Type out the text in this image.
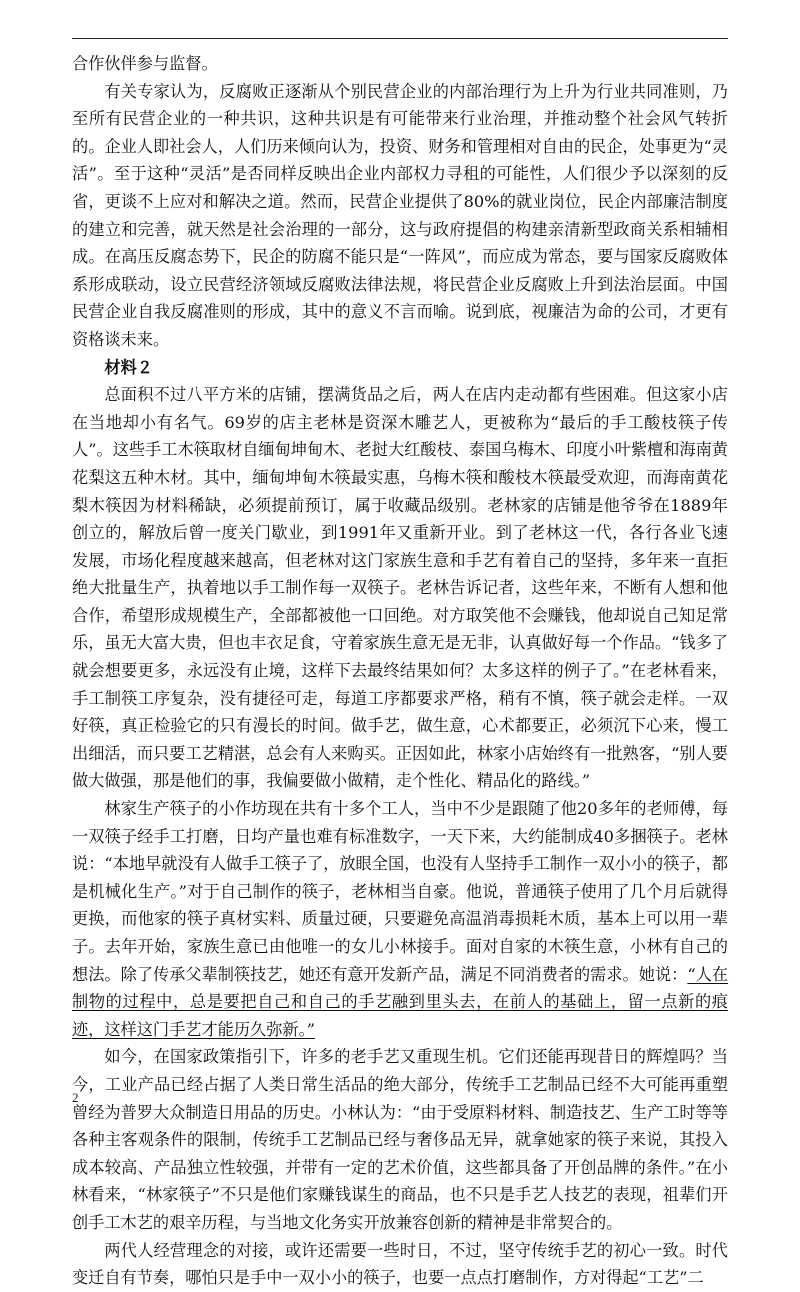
合作伙伴参与监督。

有关专家认为，反腐败正逐渐从个别民营企业的内部治理行为上升为行业共同准则，乃至所有民营企业的一种共识，这种共识是有可能带来行业治理，并推动整个社会风气转折的。企业人即社会人，人们历来倾向认为，投资、财务和管理相对自由的民企，处事更为“灵活”。至于这种“灵活”是否同样反映出企业内部权力寻租的可能性，人们很少予以深刻的反省，更谈不上应对和解决之道。然而，民营企业提供了80%的就业岗位，民企内部廉洁制度的建立和完善，就天然是社会治理的一部分，这与政府提倡的构建亲清新型政商关系相辅相成。在高压反腐态势下，民企的防腐不能只是“一阵风”，而应成为常态，要与国家反腐败体系形成联动，设立民营经济领域反腐败法律法规，将民营企业反腐败上升到法治层面。中国民营企业自我反腐准则的形成，其中的意义不言而喻。说到底，视廉洁为命的公司，才更有资格谈未来。

材料２

总面积不过八平方米的店铺，摆满货品之后，两人在店内走动都有些困难。但这家小店在当地却小有名气。69岁的店主老林是资深木雕艺人，更被称为“最后的手工酸枝筷子传人”。这些手工木筷取材自缅甸坤甸木、老挝大红酸枝、泰国乌梅木、印度小叶紫檀和海南黄花梨这五种木材。其中，缅甸坤甸木筷最实惠，乌梅木筷和酸枝木筷最受欢迎，而海南黄花梨木筷因为材料稀缺，必须提前预订，属于收藏品级别。老林家的店铺是他爷爷在1889年创立的，解放后曾一度关门歇业，到1991年又重新开业。到了老林这一代，各行各业飞速发展，市场化程度越来越高，但老林对这门家族生意和手艺有着自己的坚持，多年来一直拒绝大批量生产，执着地以手工制作每一双筷子。老林告诉记者，这些年来，不断有人想和他合作，希望形成规模生产，全部都被他一口回绝。对方取笑他不会赚钱，他却说自己知足常乐，虽无大富大贵，但也丰衣足食，守着家族生意无是无非，认真做好每一个作品。“钱多了就会想要更多，永远没有止境，这样下去最终结果如何？太多这样的例子了。”在老林看来，手工制筷工序复杂，没有捷径可走，每道工序都要求严格，稍有不慎，筷子就会走样。一双好筷，真正检验它的只有漫长的时间。做手艺，做生意，心术都要正，必须沉下心来，慢工出细活，而只要工艺精湛，总会有人来购买。正因如此，林家小店始终有一批熟客，“别人要做大做强，那是他们的事，我偏要做小做精，走个性化、精品化的路线。”

林家生产筷子的小作坊现在共有十多个工人，当中不少是跟随了他20多年的老师傅，每一双筷子经手工打磨，日均产量也难有标准数字，一天下来，大约能制成40多捆筷子。老林说：“本地早就没有人做手工筷子了，放眼全国，也没有人坚持手工制作一双小小的筷子，都是机械化生产。”对于自己制作的筷子，老林相当自豪。他说，普通筷子使用了几个月后就得更换，而他家的筷子真材实料、质量过硬，只要避免高温消毒损耗木质，基本上可以用一辈子。去年开始，家族生意已由他唯一的女儿小林接手。面对自家的木筷生意，小林有自己的想法。除了传承父辈制筷技艺，她还有意开发新产品，满足不同消费者的需求。她说：“人在制物的过程中，总是要把自己和自己的手艺融到里头去，在前人的基础上，留一点新的痕迹，这样这门手艺才能历久弥新。”

如今，在国家政策指引下，许多的老手艺又重现生机。它们还能再现昔日的辉煌吗？当今，工业产品已经占据了人类日常生活品的绝大部分，传统手工艺制品已经不大可能再重塑曾经为普罗大众制造日用品的历史。小林认为：“由于受原料材料、制造技艺、生产工时等等各种主客观条件的限制，传统手工艺制品已经与奢侈品无异，就拿她家的筷子来说，其投入成本较高、产品独立性较强，并带有一定的艺术价值，这些都具备了开创品牌的条件。”在小林看来，“林家筷子”不只是他们家赚钱谋生的商品，也不只是手艺人技艺的表现，祖辈们开创手工木艺的艰辛历程，与当地文化务实开放兼容创新的精神是非常契合的。

两代人经营理念的对接，或许还需要一些时日，不过，坚守传统手艺的初心一致。时代变迁自有节奏，哪怕只是手中一双小小的筷子，也要一点点打磨制作，方对得起“工艺”二

2
